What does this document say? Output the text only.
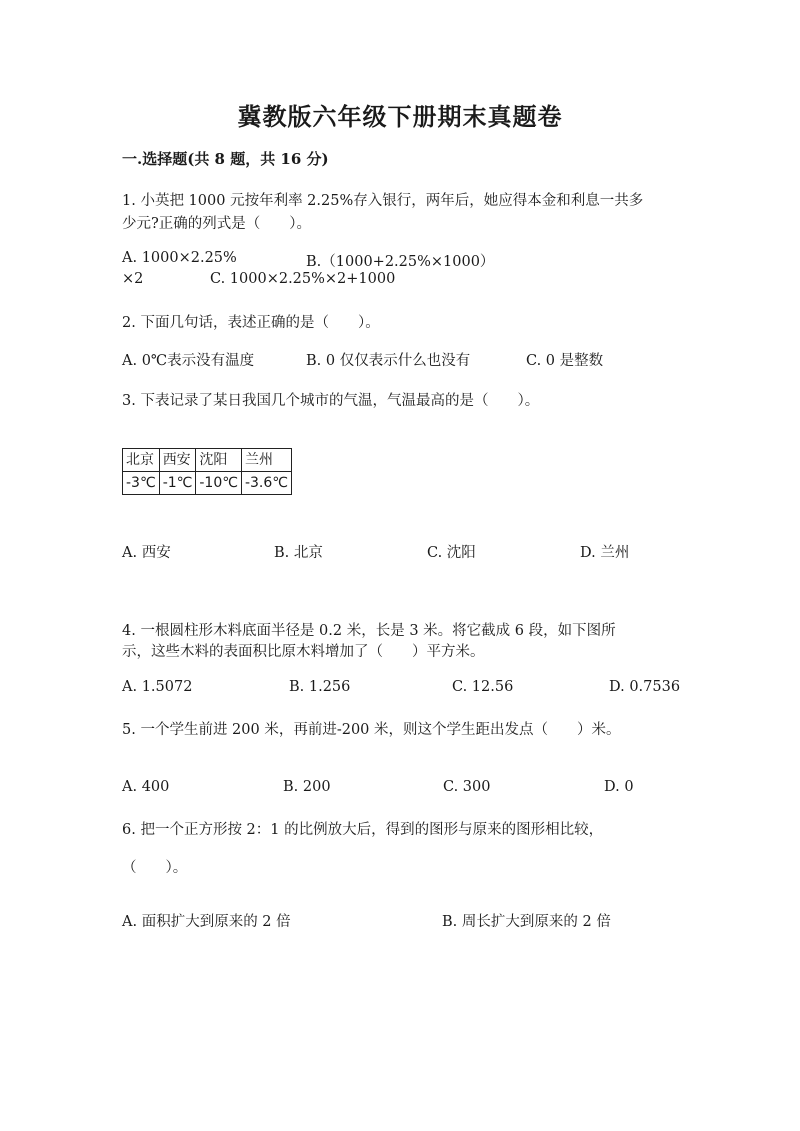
冀教版六年级下册期末真题卷
一.选择题(共 8 题，共 16 分)
1. 小英把 1000 元按年利率 2.25%存入银行，两年后，她应得本金和利息一共多
少元?正确的列式是（　　）。
A. 1000×2.25%	B.（1000+2.25%×1000）
×2	C. 1000×2.25%×2+1000
2. 下面几句话，表述正确的是（　　）。
A. 0℃表示没有温度	B. 0 仅仅表示什么也没有	C. 0 是整数
3. 下表记录了某日我国几个城市的气温，气温最高的是（　　）。
北京	西安	沈阳	兰州
-3℃	-1℃	-10℃	-3.6℃
A. 西安	B. 北京	C. 沈阳	D. 兰州
4. 一根圆柱形木料底面半径是 0.2 米，长是 3 米。将它截成 6 段，如下图所
示，这些木料的表面积比原木料增加了（　　）平方米。
A. 1.5072	B. 1.256	C. 12.56	D. 0.7536
5. 一个学生前进 200 米，再前进-200 米，则这个学生距出发点（　　）米。
A. 400	B. 200	C. 300	D. 0
6. 把一个正方形按 2：1 的比例放大后，得到的图形与原来的图形相比较，
（　　）。
A. 面积扩大到原来的 2 倍	B. 周长扩大到原来的 2 倍
